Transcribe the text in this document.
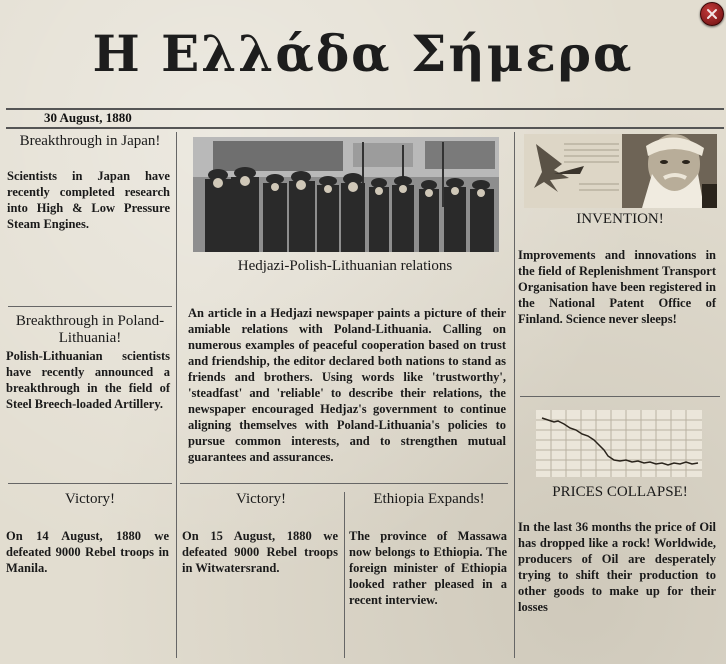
Η Ελλάδα Σήμερα
30 August, 1880
Breakthrough in Japan!
Scientists in Japan have recently completed research into High & Low Pressure Steam Engines.
Breakthrough in Poland-Lithuania!
Polish-Lithuanian scientists have recently announced a breakthrough in the field of Steel Breech-loaded Artillery.
Victory!
On 14 August, 1880 we defeated 9000 Rebel troops in Manila.
Hedjazi-Polish-Lithuanian relations
An article in a Hedjazi newspaper paints a picture of their amiable relations with Poland-Lithuania. Calling on numerous examples of peaceful cooperation based on trust and friendship, the editor declared both nations to stand as friends and brothers. Using words like 'trustworthy', 'steadfast' and 'reliable' to describe their relations, the newspaper encouraged Hedjaz's government to continue aligning themselves with Poland-Lithuania's policies to pursue common interests, and to strengthen mutual guarantees and assurances.
Victory!
On 15 August, 1880 we defeated 9000 Rebel troops in Witwatersrand.
Ethiopia Expands!
The province of Massawa now belongs to Ethiopia. The foreign minister of Ethiopia looked rather pleased in a recent interview.
INVENTION!
Improvements and innovations in the field of Replenishment Transport Organisation have been registered in the National Patent Office of Finland. Science never sleeps!
PRICES COLLAPSE!
In the last 36 months the price of Oil has dropped like a rock! Worldwide, producers of Oil are desperately trying to shift their production to other goods to make up for their losses
